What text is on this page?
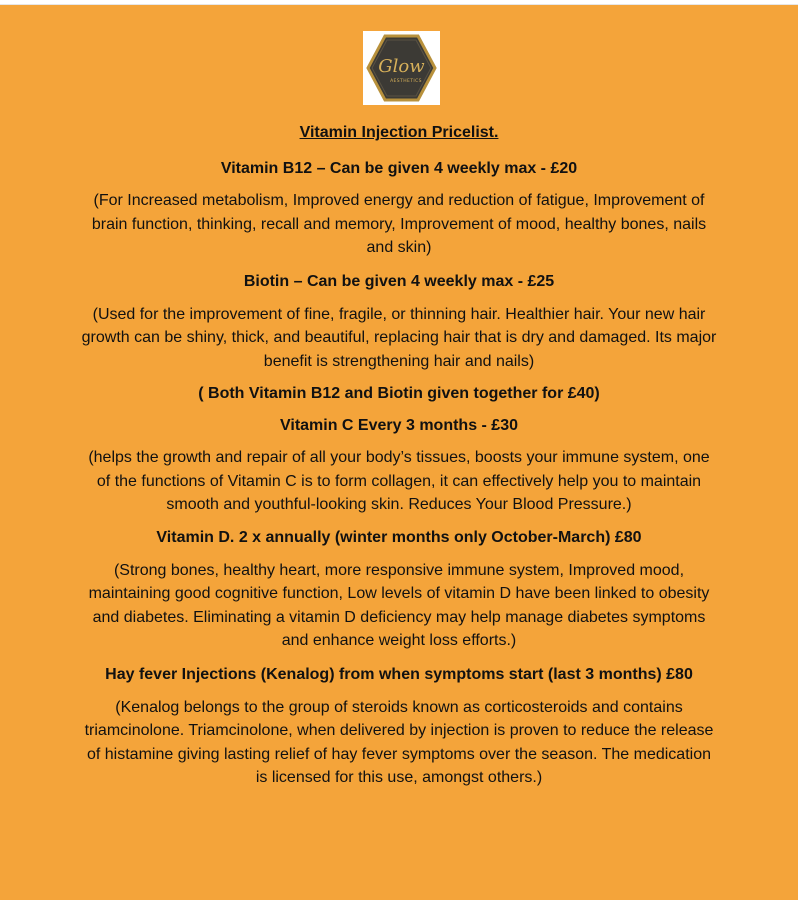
Glow
AESTHETICS

Vitamin Injection Pricelist.

Vitamin B12 – Can be given 4 weekly max - £20

(For Increased metabolism, Improved energy and reduction of fatigue, Improvement of brain function, thinking, recall and memory, Improvement of mood, healthy bones, nails and skin)

Biotin – Can be given 4 weekly max - £25

(Used for the improvement of fine, fragile, or thinning hair. Healthier hair. Your new hair growth can be shiny, thick, and beautiful, replacing hair that is dry and damaged. Its major benefit is strengthening hair and nails)

( Both Vitamin B12 and Biotin given together for £40)

Vitamin C Every 3 months - £30

(helps the growth and repair of all your body’s tissues, boosts your immune system, one of the functions of Vitamin C is to form collagen, it can effectively help you to maintain smooth and youthful-looking skin. Reduces Your Blood Pressure.)

Vitamin D. 2 x annually (winter months only October-March) £80

(Strong bones, healthy heart, more responsive immune system, Improved mood, maintaining good cognitive function, Low levels of vitamin D have been linked to obesity and diabetes. Eliminating a vitamin D deficiency may help manage diabetes symptoms and enhance weight loss efforts.)

Hay fever Injections (Kenalog) from when symptoms start (last 3 months) £80

(Kenalog belongs to the group of steroids known as corticosteroids and contains triamcinolone. Triamcinolone, when delivered by injection is proven to reduce the release of histamine giving lasting relief of hay fever symptoms over the season. The medication is licensed for this use, amongst others.)
